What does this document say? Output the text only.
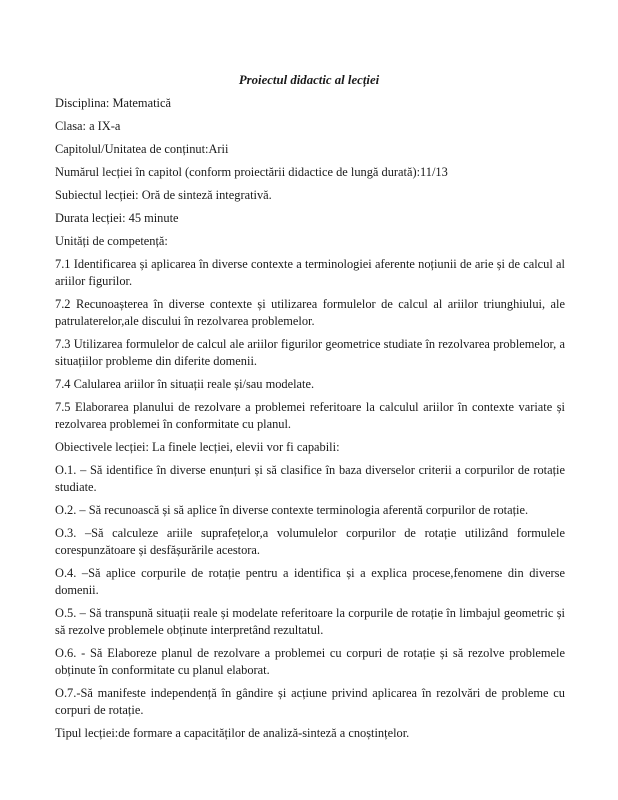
Proiectul didactic al lecției

Disciplina: Matematică

Clasa: a IX-a

Capitolul/Unitatea de conținut:Arii

Numărul lecției în capitol (conform proiectării didactice de lungă durată):11/13

Subiectul lecției: Oră de sinteză integrativă.

Durata lecției: 45 minute

Unități de competență:

7.1 Identificarea și aplicarea în diverse contexte a terminologiei aferente noțiunii de arie și de calcul al ariilor figurilor.

7.2 Recunoașterea în diverse contexte și utilizarea formulelor de calcul al ariilor triunghiului, ale patrulaterelor,ale discului în rezolvarea problemelor.

7.3 Utilizarea formulelor de calcul ale ariilor figurilor geometrice studiate în rezolvarea problemelor, a situațiilor probleme din diferite domenii.

7.4 Calularea ariilor în situații reale și/sau modelate.

7.5 Elaborarea planului de rezolvare a problemei referitoare la calculul ariilor în contexte variate și rezolvarea problemei în conformitate cu planul.

Obiectivele lecției: La finele lecției, elevii vor fi capabili:

O.1. – Să identifice în diverse enunțuri și să clasifice în baza diverselor criterii a corpurilor de rotație studiate.

O.2. – Să recunoască și să aplice în diverse contexte terminologia aferentă corpurilor de rotație.

O.3. –Să calculeze ariile suprafețelor,a volumulelor corpurilor de rotație utilizând formulele corespunzătoare și desfășurările acestora.

O.4. –Să aplice corpurile de rotație pentru a identifica și a explica procese,fenomene din diverse domenii.

O.5. – Să transpună situații reale și modelate referitoare la corpurile de rotație în limbajul geometric și să rezolve problemele obținute interpretând rezultatul.

O.6. - Să Elaboreze planul de rezolvare a problemei cu corpuri de rotație și să rezolve problemele obținute în conformitate cu planul elaborat.

O.7.-Să manifeste independență în gândire și acțiune privind aplicarea în rezolvări de probleme cu corpuri de rotație.

Tipul lecției:de formare a capacităților de analiză-sinteză a cnoștințelor.
